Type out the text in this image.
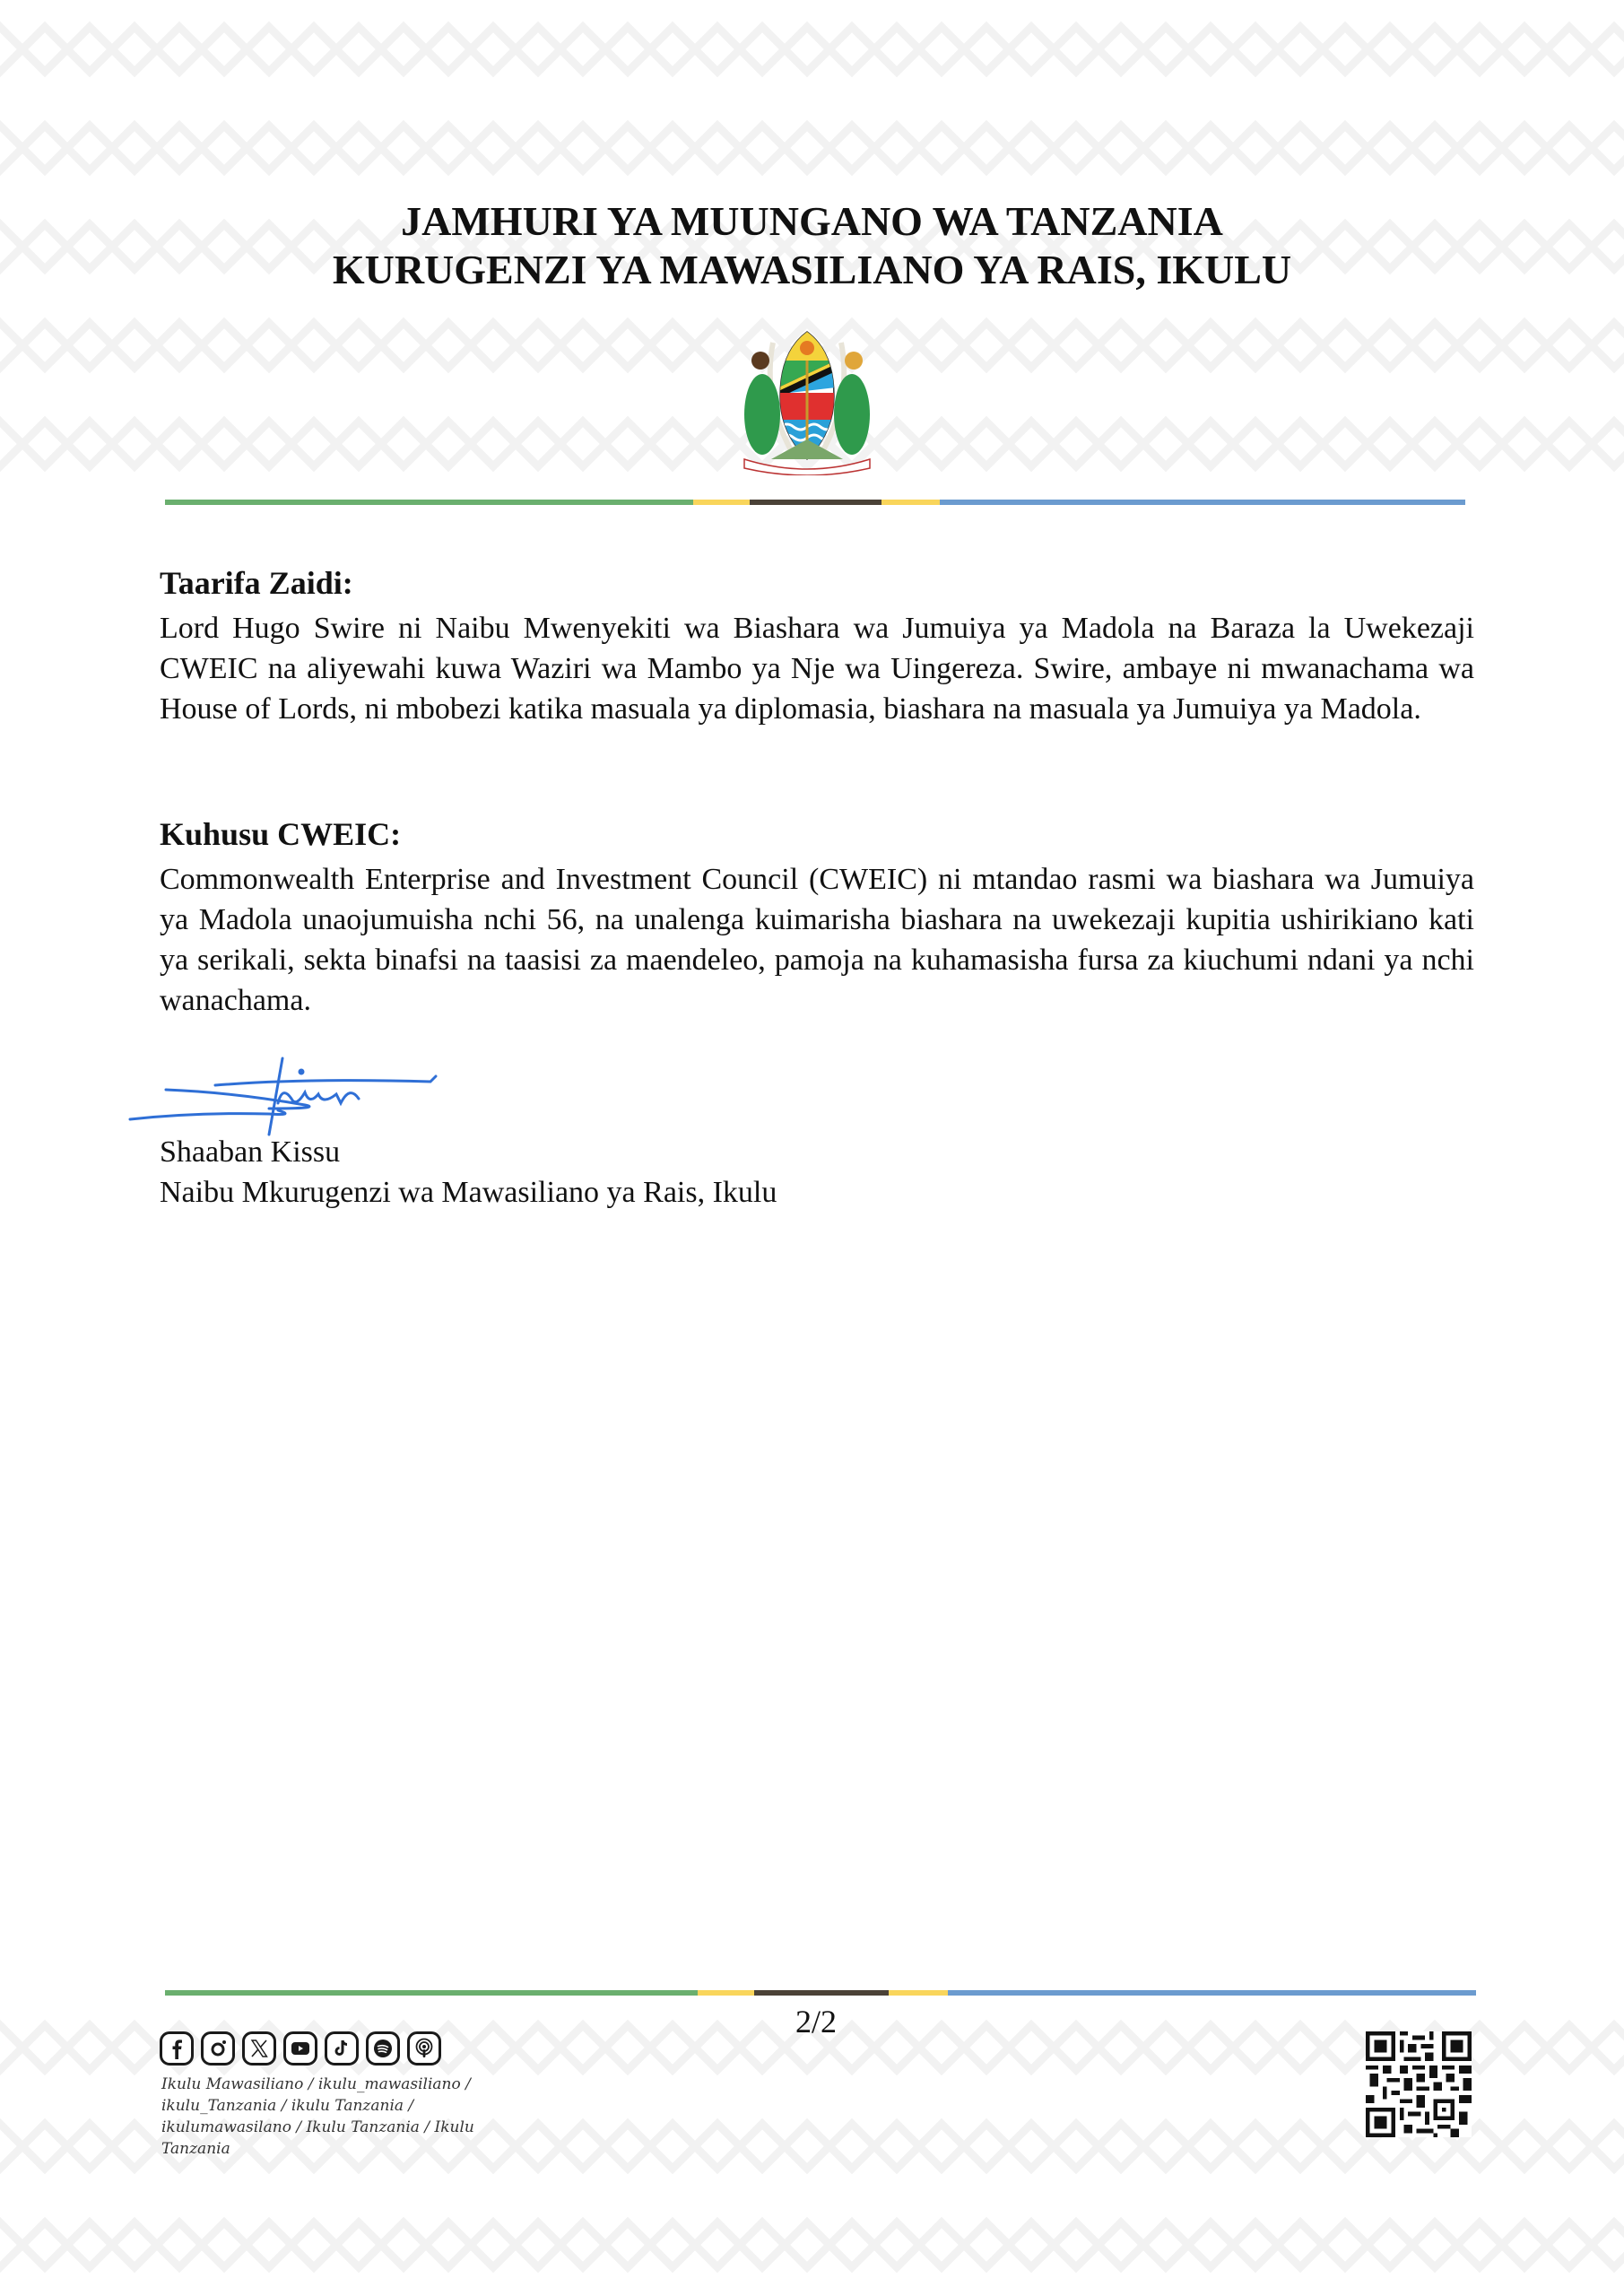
JAMHURI YA MUUNGANO WA TANZANIA
KURUGENZI YA MAWASILIANO YA RAIS, IKULU
Taarifa Zaidi:

Lord Hugo Swire ni Naibu Mwenyekiti wa Biashara wa Jumuiya ya Madola na Baraza la Uwekezaji CWEIC na aliyewahi kuwa Waziri wa Mambo ya Nje wa Uingereza. Swire, ambaye ni mwanachama wa House of Lords, ni mbobezi katika masuala ya diplomasia, biashara na masuala ya Jumuiya ya Madola.

Kuhusu CWEIC:

Commonwealth Enterprise and Investment Council (CWEIC) ni mtandao rasmi wa biashara wa Jumuiya ya Madola unaojumuisha nchi 56, na unalenga kuimarisha biashara na uwekezaji kupitia ushirikiano kati ya serikali, sekta binafsi na taasisi za maendeleo, pamoja na kuhamasisha fursa za kiuchumi ndani ya nchi wanachama.

Shaaban Kissu
Naibu Mkurugenzi wa Mawasiliano ya Rais, Ikulu
2/2
Ikulu Mawasiliano / ikulu_mawasiliano /
ikulu_Tanzania / ikulu Tanzania /
ikulumawasilano / Ikulu Tanzania / Ikulu Tanzania
